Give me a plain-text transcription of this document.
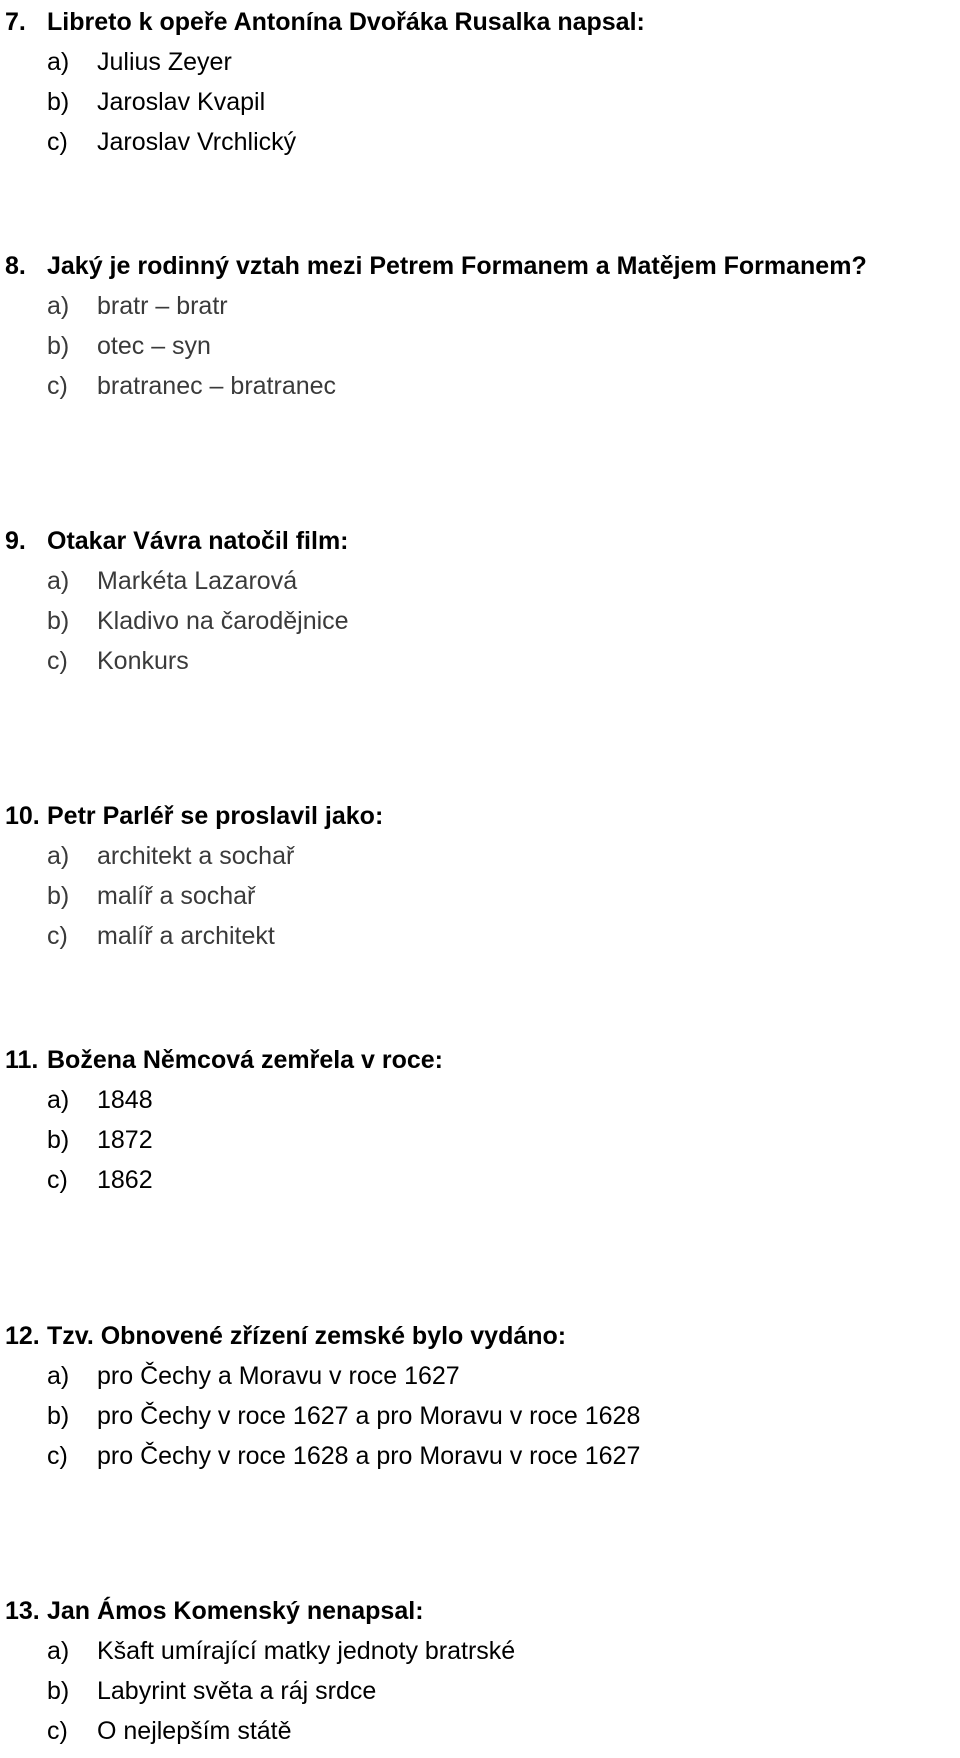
7. Libreto k opeře Antonína Dvořáka Rusalka napsal:
a) Julius Zeyer
b) Jaroslav Kvapil
c) Jaroslav Vrchlický
8. Jaký je rodinný vztah mezi Petrem Formanem a Matějem Formanem?
a) bratr – bratr
b) otec – syn
c) bratranec – bratranec
9. Otakar Vávra natočil film:
a) Markéta Lazarová
b) Kladivo na čarodějnice
c) Konkurs
10. Petr Parléř se proslavil jako:
a) architekt a sochař
b) malíř a sochař
c) malíř a architekt
11. Božena Němcová zemřela v roce:
a) 1848
b) 1872
c) 1862
12. Tzv. Obnovené zřízení zemské bylo vydáno:
a) pro Čechy a Moravu v roce 1627
b) pro Čechy v roce 1627 a pro Moravu v roce 1628
c) pro Čechy v roce 1628 a pro Moravu v roce 1627
13. Jan Ámos Komenský nenapsal:
a) Kšaft umírající matky jednoty bratrské
b) Labyrint světa a ráj srdce
c) O nejlepším státě
